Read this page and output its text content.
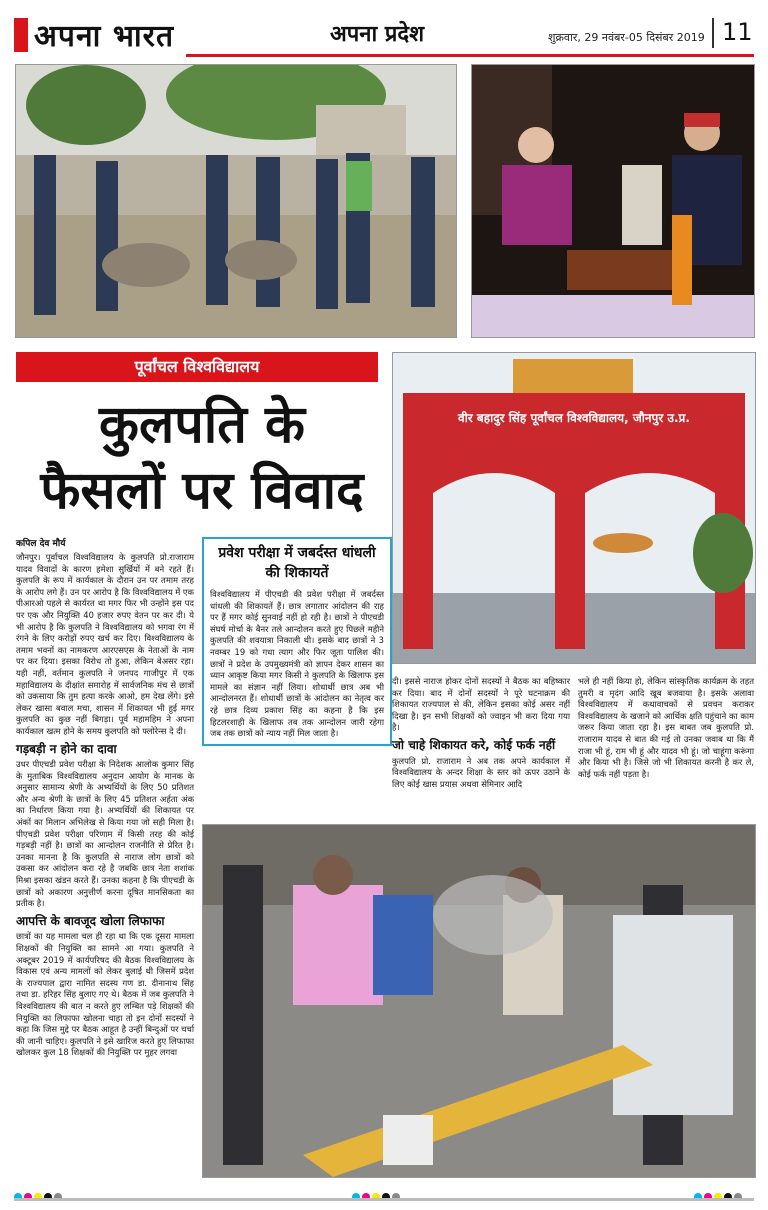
अपना भारत	अपना प्रदेश	शुक्रवार, 29 नवंबर-05 दिसंबर 2019 11
पूर्वांचल विश्वविद्यालय
कुलपति के
फैसलों पर विवाद
वीर बहादुर सिंह पूर्वांचल विश्वविद्यालय, जौनपुर उ.प्र.
कपिल देव मौर्य
जौनपुर। पूर्वांचल विश्वविद्यालय के कुलपति प्रो.राजाराम यादव विवादों के कारण हमेशा सुर्खियों में बने रहते हैं। कुलपति के रूप में कार्यकाल के दौरान उन पर तमाम तरह के आरोप लगे हैं। उन पर आरोप है कि विश्वविद्यालय में एक पीआरओ पहले से कार्यरत था मगर फिर भी उन्होंने इस पद पर एक और नियुक्ति 40 हजार रुपए वेतन पर कर दी। ये भी आरोप है कि कुलपति ने विश्वविद्यालय को भगवा रंग में रंगने के लिए करोड़ों रुपए खर्च कर दिए। विश्वविद्यालय के तमाम भवनों का नामकरण आरएसएस के नेताओं के नाम पर कर दिया। इसका विरोध तो हुआ, लेकिन बेअसर रहा। यही नहीं, वर्तमान कुलपति ने जनपद गाजीपुर में एक महाविद्यालय के दीक्षांत समारोह में सार्वजनिक मंच से छात्रों को उकसाया कि तुम हत्या करके आओ, हम देख लेंगे। इसे लेकर खासा बवाल मचा, शासन में शिकायत भी हुई मगर कुलपति का कुछ नहीं बिगड़ा। पूर्व महामहिम ने अपना कार्यकाल खत्म होने के समय कुलपति को फ्लोरेन्स दे दी।
गड़बड़ी न होने का दावा
उधर पीएचडी प्रवेश परीक्षा के निदेशक आलोक कुमार सिंह के मुताबिक विश्वविद्यालय अनुदान आयोग के मानक के अनुसार सामान्य श्रेणी के अभ्यर्थियों के लिए 50 प्रतिशत और अन्य श्रेणी के छात्रों के लिए 45 प्रतिशत अर्हता अंक का निर्धारण किया गया है। अभ्यर्थियों की शिकायत पर अंकों का मिलान अभिलेख से किया गया जो सही मिला है। पीएचडी प्रवेश परीक्षा परिणाम में किसी तरह की कोई गड़बड़ी नहीं है। छात्रों का आन्दोलन राजनीति से प्रेरित है। उनका मानना है कि कुलपति से नाराज लोग छात्रों को उकसा कर आंदोलन करा रहे है जबकि छात्र नेता शशांक मिश्रा इसका खंडन करते हैं। उनका कहना है कि पीएचडी के छात्रों को अकारण अनुत्तीर्ण करना दूषित मानसिकता का प्रतीक है।
आपत्ति के बावजूद खोला लिफाफा
छात्रों का यह मामला चल ही रहा था कि एक दूसरा मामला शिक्षकों की नियुक्ति का सामने आ गया। कुलपति ने अक्टूबर 2019 में कार्यपरिषद की बैठक विश्वविद्यालय के विकास एवं अन्य मामलों को लेकर बुलाई थी जिसमें प्रदेश के राज्यपाल द्वारा नामित सदस्य गण डा. दीनानाथ सिंह तथा डा. हरिहर सिंह बुलाए गए थे। बैठक में जब कुलपति ने विश्वविद्यालय की बात न करते हुए लम्बित पड़े शिक्षकों की नियुक्ति का लिफाफा खोलना चाहा तो इन दोनों सदस्यों ने कहा कि जिस मुद्दे पर बैठक आहूत है उन्हीं बिन्दुओं पर चर्चा की जानी चाहिए। कुलपति ने इसे खारिज करते हुए लिफाफा खोलकर कुल 18 शिक्षकों की नियुक्ति पर मुहर लगवा
प्रवेश परीक्षा में जबर्दस्त धांधली की शिकायतें
विश्वविद्यालय में पीएचडी की प्रवेश परीक्षा में जबर्दस्त धांधली की शिकायतें हैं। छात्र लगातार आंदोलन की राह पर हैं मगर कोई सुनवाई नहीं हो रही है। छात्रों ने पीएचडी संघर्ष मोर्चा के बैनर तले आन्दोलन करते हुए पिछले महीने कुलपति की शवयात्रा निकाली थी। इसके बाद छात्रों ने 3 नवम्बर 19 को गधा त्याग और फिर जूता पालिश की। छात्रों ने प्रदेश के उपमुख्यमंत्री को ज्ञापन देकर शासन का ध्यान आकृष्ट किया मगर किसी ने कुलपति के खिलाफ इस मामले का संज्ञान नहीं लिया। शोधार्थी छात्र अब भी आन्दोलनरत हैं। शोधार्थी छात्रों के आंदोलन का नेतृत्व कर रहे छात्र दिव्य प्रकाश सिंह का कहना है कि इस हिटलरशाही के खिलाफ तब तक आन्दोलन जारी रहेगा जब तक छात्रों को न्याय नहीं मिल जाता है।
दी। इससे नाराज होकर दोनों सदस्यों ने बैठक का बहिष्कार कर दिया। बाद में दोनों सदस्यों ने पूरे घटनाक्रम की शिकायत राज्यपाल से की, लेकिन इसका कोई असर नहीं दिखा है। इन सभी शिक्षकों को ज्वाइन भी करा दिया गया है।
जो चाहे शिकायत करे, कोई फर्क नहीं
कुलपति प्रो. राजाराम ने अब तक अपने कार्यकाल में विश्वविद्यालय के अन्दर शिक्षा के स्तर को ऊपर उठाने के लिए कोई खास प्रयास अथवा सेमिनार आदि
भले ही नहीं किया हो, लेकिन सांस्कृतिक कार्यक्रम के तहत तुमरी व मृदंग आदि खूब बजवाया है। इसके अलावा विश्वविद्यालय में कथावाचकों से प्रवचन कराकर विश्वविद्यालय के खजाने को आर्थिक क्षति पहुंचाने का काम जरूर किया जाता रहा है। इस बाबत जब कुलपति प्रो. राजाराम यादव से बात की गई तो उनका जवाब था कि मैं राजा भी हूं, राम भी हूं और यादव भी हूं। जो चाहूंगा करूंगा और किया भी है। जिसे जो भी शिकायत करनी है कर ले, कोई फर्क नहीं पड़ता है।
